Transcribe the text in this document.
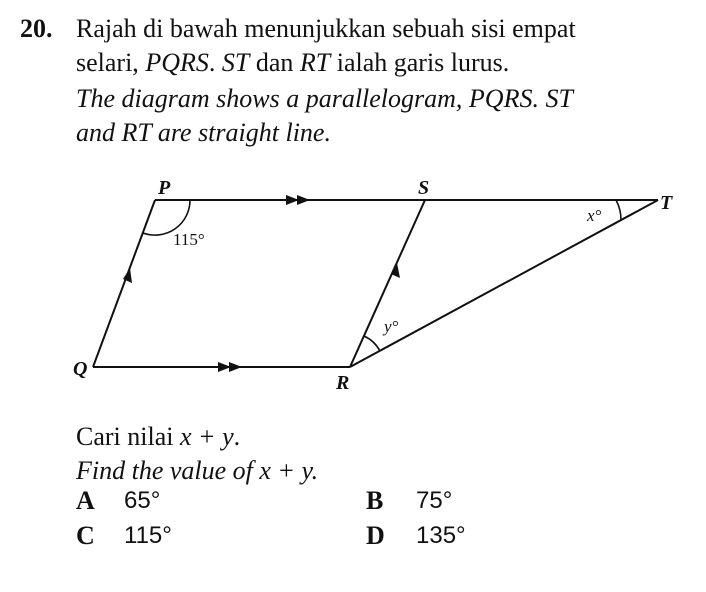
20. Rajah di bawah menunjukkan sebuah sisi empat
selari, PQRS. ST dan RT ialah garis lurus.
The diagram shows a parallelogram, PQRS. ST
and RT are straight line.
P	S
T
Q
R
115°
x°
y°
Cari nilai x + y.
Find the value of x + y.
A 65°	B 75°
C 115°	D 135°
